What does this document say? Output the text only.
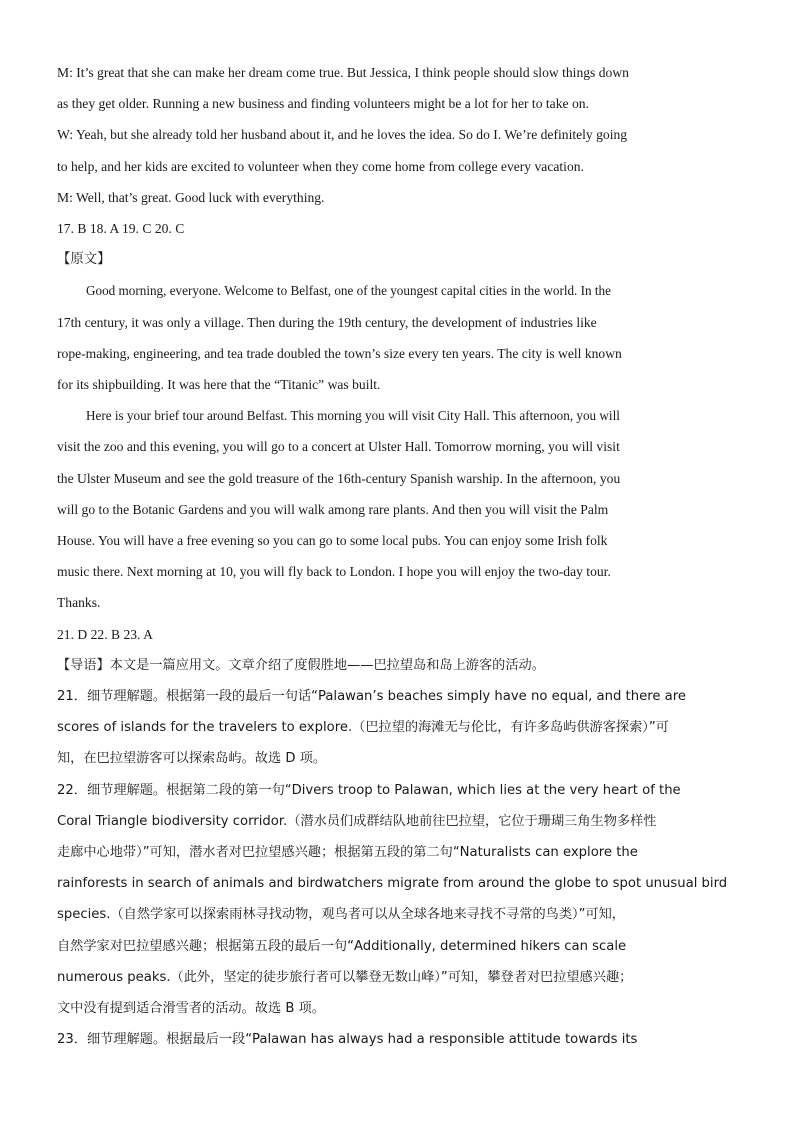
M: It’s great that she can make her dream come true. But Jessica, I think people should slow things down
as they get older. Running a new business and finding volunteers might be a lot for her to take on.
W: Yeah, but she already told her husband about it, and he loves the idea. So do I. We’re definitely going
to help, and her kids are excited to volunteer when they come home from college every vacation.
M: Well, that’s great. Good luck with everything.
17. B 18. A 19. C 20. C
【原文】
Good morning, everyone. Welcome to Belfast, one of the youngest capital cities in the world. In the
17th century, it was only a village. Then during the 19th century, the development of industries like
rope-making, engineering, and tea trade doubled the town’s size every ten years. The city is well known
for its shipbuilding. It was here that the “Titanic” was built.
Here is your brief tour around Belfast. This morning you will visit City Hall. This afternoon, you will
visit the zoo and this evening, you will go to a concert at Ulster Hall. Tomorrow morning, you will visit
the Ulster Museum and see the gold treasure of the 16th-century Spanish warship. In the afternoon, you
will go to the Botanic Gardens and you will walk among rare plants. And then you will visit the Palm
House. You will have a free evening so you can go to some local pubs. You can enjoy some Irish folk
music there. Next morning at 10, you will fly back to London. I hope you will enjoy the two-day tour.
Thanks.
21. D 22. B 23. A
【导语】本文是一篇应用文。文章介绍了度假胜地——巴拉望岛和岛上游客的活动。
21．细节理解题。根据第一段的最后一句话“Palawan’s beaches simply have no equal, and there are
scores of islands for the travelers to explore.（巴拉望的海滩无与伦比，有许多岛屿供游客探索）”可
知，在巴拉望游客可以探索岛屿。故选 D 项。
22．细节理解题。根据第二段的第一句“Divers troop to Palawan, which lies at the very heart of the
Coral Triangle biodiversity corridor.（潜水员们成群结队地前往巴拉望，它位于珊瑚三角生物多样性
走廊中心地带）”可知，潜水者对巴拉望感兴趣；根据第五段的第二句“Naturalists can explore the
rainforests in search of animals and birdwatchers migrate from around the globe to spot unusual bird
species.（自然学家可以探索雨林寻找动物，观鸟者可以从全球各地来寻找不寻常的鸟类）”可知，
自然学家对巴拉望感兴趣；根据第五段的最后一句“Additionally, determined hikers can scale
numerous peaks.（此外，坚定的徒步旅行者可以攀登无数山峰）”可知，攀登者对巴拉望感兴趣；
文中没有提到适合滑雪者的活动。故选 B 项。
23．细节理解题。根据最后一段“Palawan has always had a responsible attitude towards its
